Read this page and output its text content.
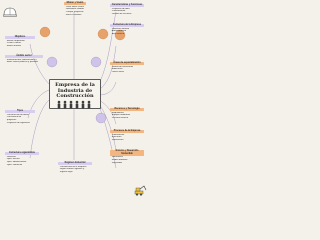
Empresa de la Industria de Construcción
Misión y Visión
• Crear obras civiles
• Garantizar calidad
• Cumplir proyectos
• Servir a clientes
Características y Funciones
• Proyectos de obra
• Planeamiento
• Gestión de recursos
Estructura de la Empresa
• Gerencia General
• Administración
• Área técnica
Áreas de especialización
• Diseño de estructuras
• Edificación
• Obras viales
Recursos y Tecnología
• Maquinarias
• Equipos modernos
• Personal técnico
Procesos de la Empresa
• Planificación
• Ejecución
• Supervisión
Entorno y Desarrollo Sostenible
• Normativas
• Medio ambiente
• Seguridad
Objetivos
• Misión corporativa
• Visión a futuro
• Metas anuales
Ámbito sector
• Infraestructura, edificaciones y
• obras civiles públicas y privadas
Tipos
• Construcción de obras
• Consultoría de
• proyectos
• Proyectos de ingeniería
Estructura organizativa
• Gerencia
• Dpto. técnico
• Dpto. administrativo
• Dpto. comercial
Régimen Industrial
• Constitución de la empresa
• según normas vigentes y
• registro legal
